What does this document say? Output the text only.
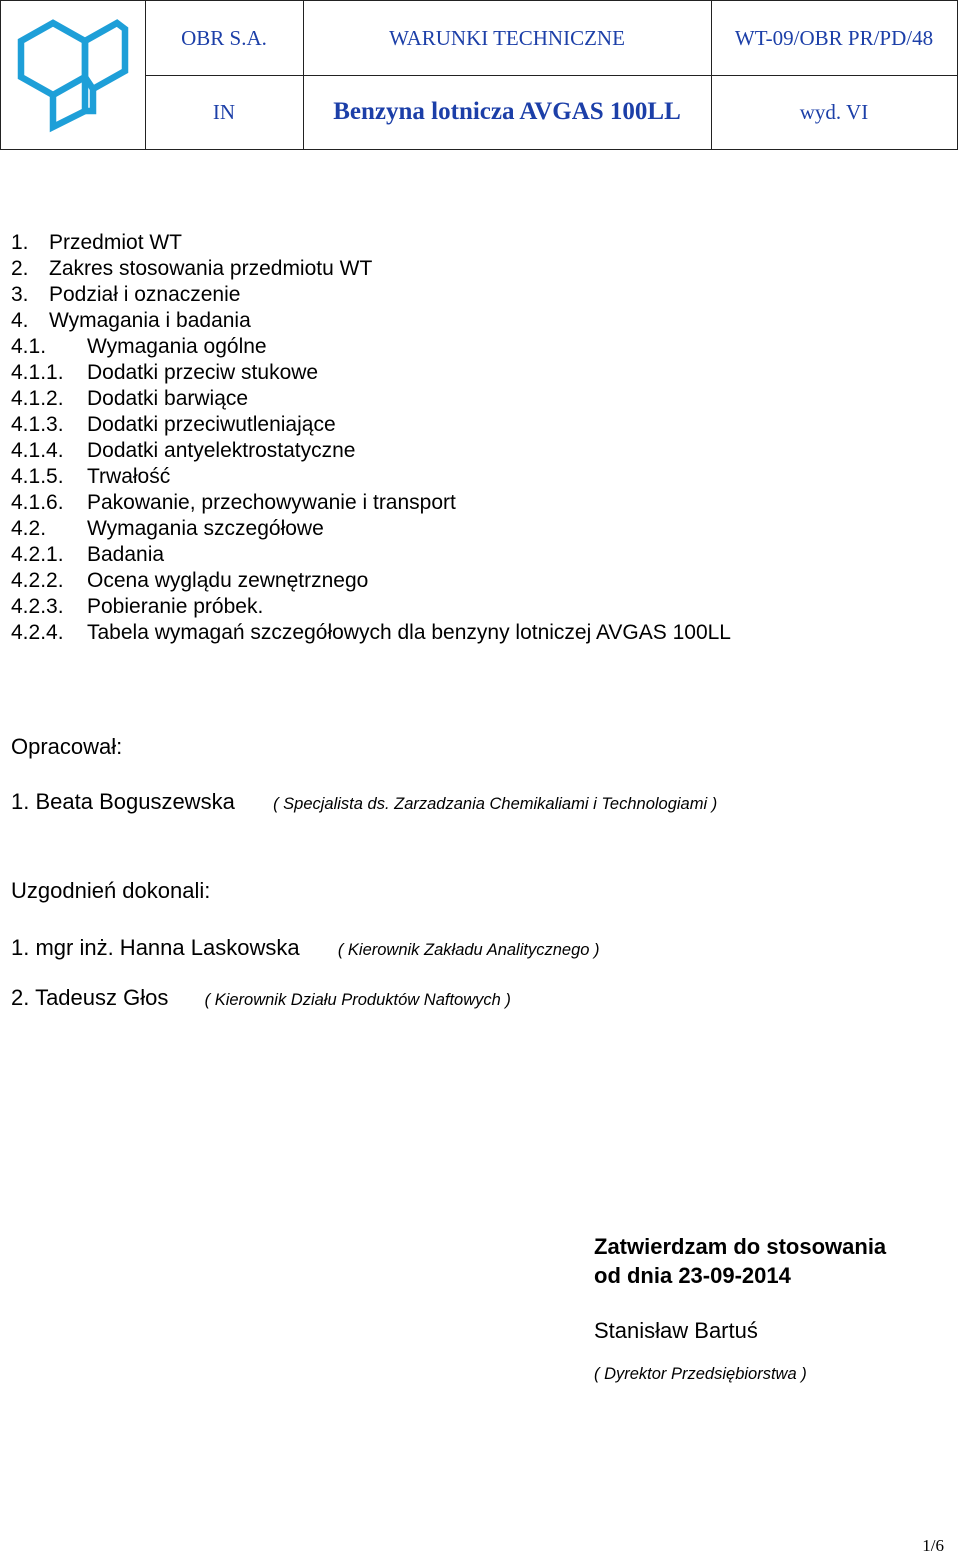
OBR S.A.	WARUNKI TECHNICZNE	WT-09/OBR PR/PD/48
IN	Benzyna lotnicza AVGAS 100LL	wyd. VI
1. Przedmiot WT
2. Zakres stosowania przedmiotu WT
3. Podział i oznaczenie
4. Wymagania i badania
4.1. Wymagania ogólne
4.1.1. Dodatki przeciw stukowe
4.1.2. Dodatki barwiące
4.1.3. Dodatki przeciwutleniające
4.1.4. Dodatki antyelektrostatyczne
4.1.5. Trwałość
4.1.6. Pakowanie, przechowywanie i transport
4.2. Wymagania szczegółowe
4.2.1. Badania
4.2.2. Ocena wyglądu zewnętrznego
4.2.3. Pobieranie próbek.
4.2.4. Tabela wymagań szczegółowych dla benzyny lotniczej AVGAS 100LL
Opracował:
1. Beata Boguszewska ( Specjalista ds. Zarzadzania Chemikaliami i Technologiami )
Uzgodnień dokonali:
1. mgr inż. Hanna Laskowska ( Kierownik Zakładu Analitycznego )
2. Tadeusz Głos ( Kierownik Działu Produktów Naftowych )
Zatwierdzam do stosowania
od dnia 23-09-2014
Stanisław Bartuś
( Dyrektor Przedsiębiorstwa )
1/6
